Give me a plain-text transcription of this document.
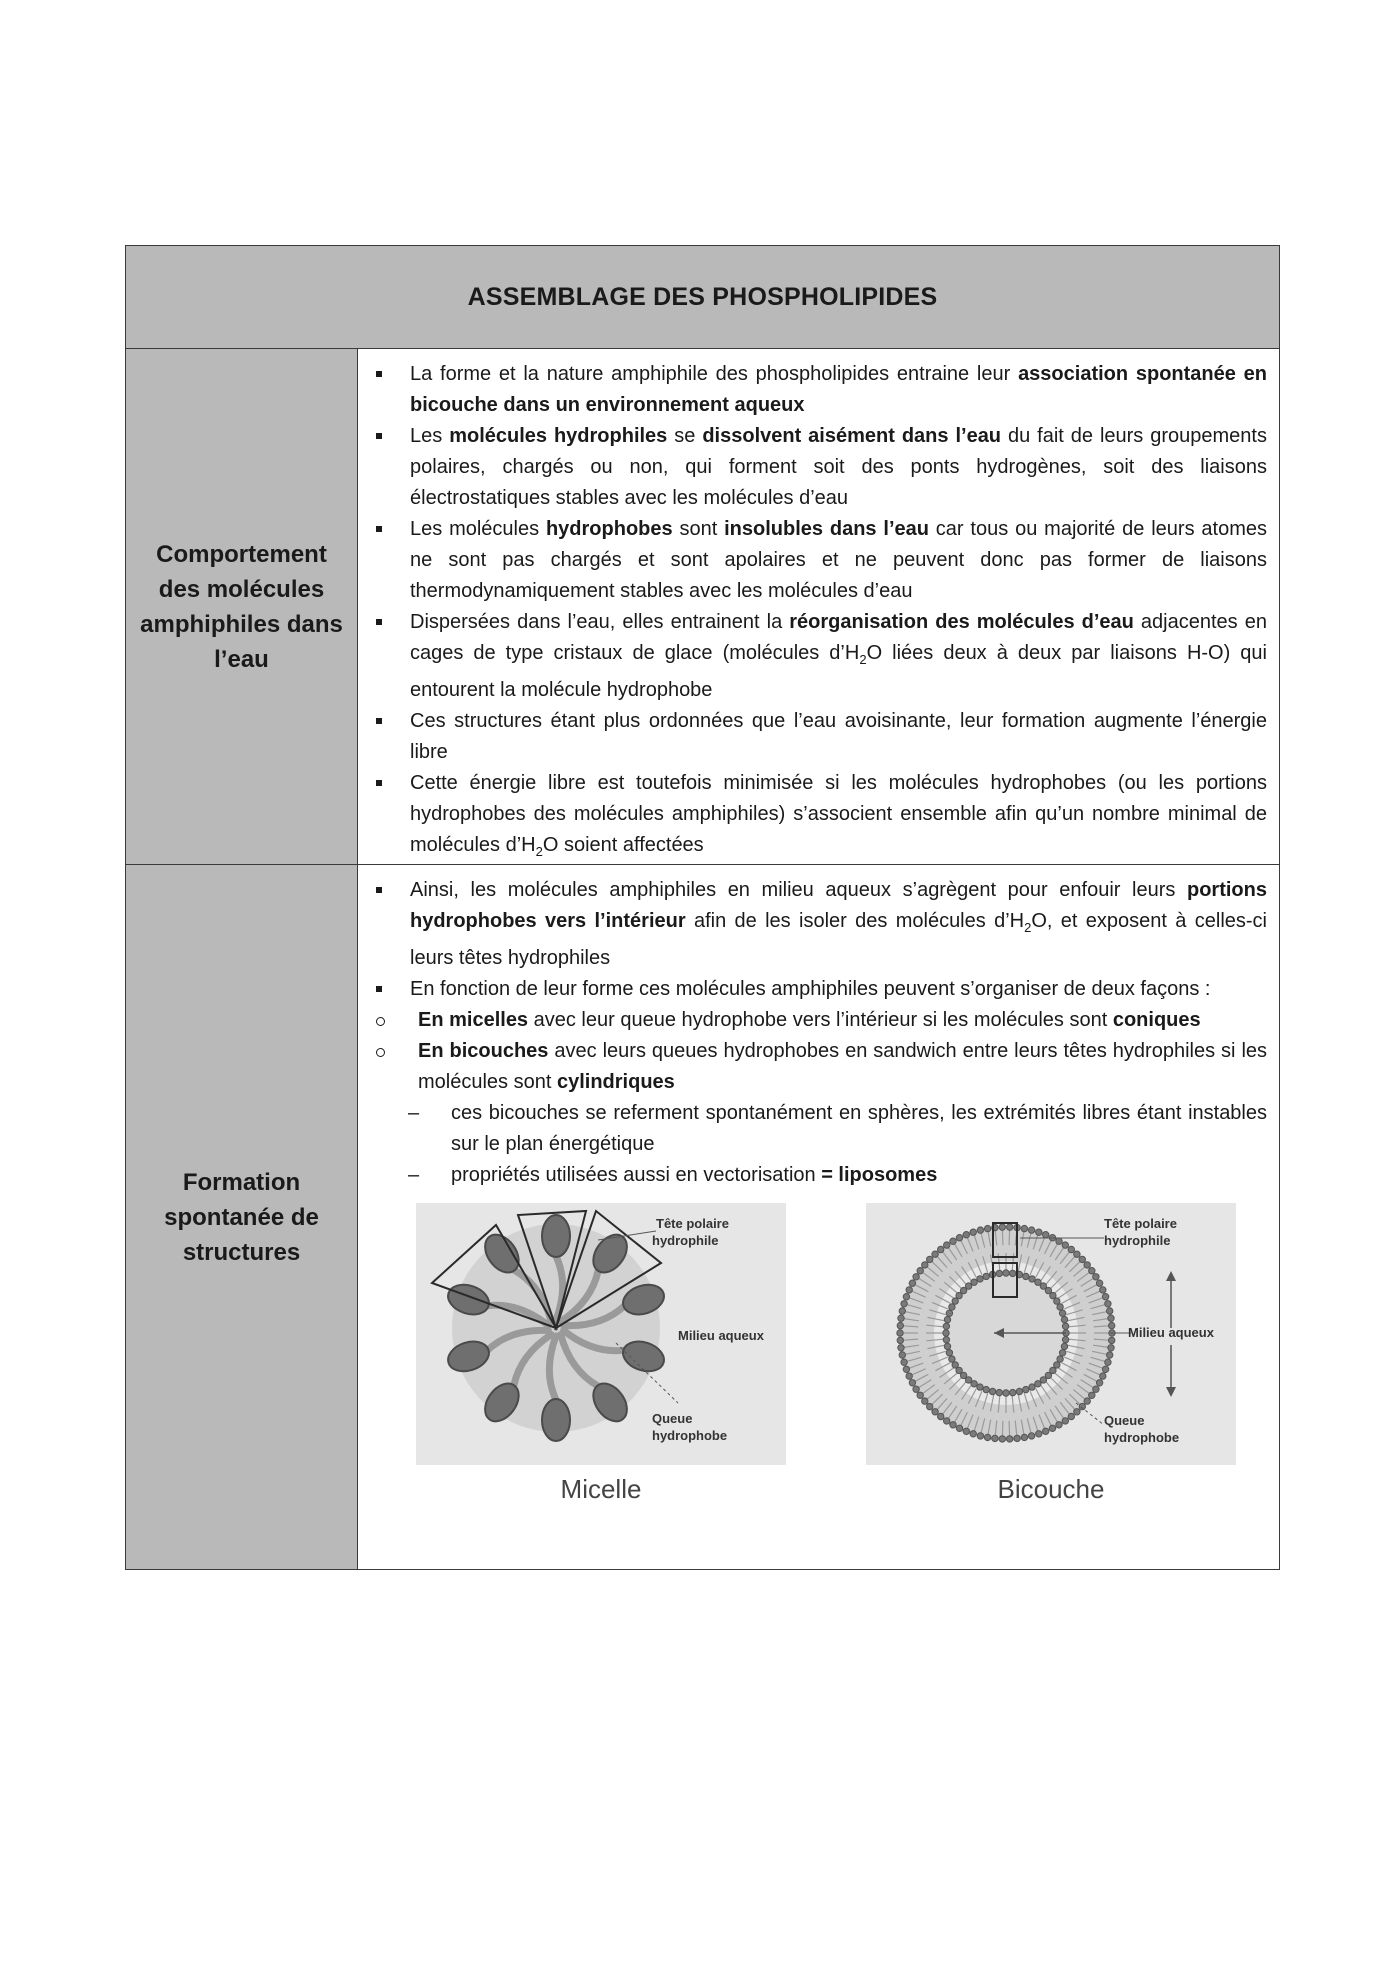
ASSEMBLAGE DES PHOSPHOLIPIDES
Comportement des molécules amphiphiles dans l’eau
La forme et la nature amphiphile des phospholipides entraine leur association spontanée en bicouche dans un environnement aqueux
Les molécules hydrophiles se dissolvent aisément dans l’eau du fait de leurs groupements polaires, chargés ou non, qui forment soit des ponts hydrogènes, soit des liaisons électrostatiques stables avec les molécules d’eau
Les molécules hydrophobes sont insolubles dans l’eau car tous ou majorité de leurs atomes ne sont pas chargés et sont apolaires et ne peuvent donc pas former de liaisons thermodynamiquement stables avec les molécules d’eau
Dispersées dans l’eau, elles entrainent la réorganisation des molécules d’eau adjacentes en cages de type cristaux de glace (molécules $d’H_2O$ liées deux à deux par liaisons H-O) qui entourent la molécule hydrophobe
Ces structures étant plus ordonnées que l’eau avoisinante, leur formation augmente l’énergie libre
Cette énergie libre est toutefois minimisée si les molécules hydrophobes (ou les portions hydrophobes des molécules amphiphiles) s’associent ensemble afin qu’un nombre minimal de molécules $d’H_2O$ soient affectées
Formation spontanée de structures
Ainsi, les molécules amphiphiles en milieu aqueux s’agrègent pour enfouir leurs portions hydrophobes vers l’intérieur afin de les isoler des molécules $d’H_2O$, et exposent à celles-ci leurs têtes hydrophiles
En fonction de leur forme ces molécules amphiphiles peuvent s’organiser de deux façons :
En micelles avec leur queue hydrophobe vers l’intérieur si les molécules sont coniques
En bicouches avec leurs queues hydrophobes en sandwich entre leurs têtes hydrophiles si les molécules sont cylindriques
– ces bicouches se referment spontanément en sphères, les extrémités libres étant instables sur le plan énergétique
– propriétés utilisées aussi en vectorisation = liposomes
Tête polaire
hydrophile
Milieu aqueux
Queue
hydrophobe
Micelle
Tête polaire
hydrophile
Milieu aqueux
Queue
hydrophobe
Bicouche
